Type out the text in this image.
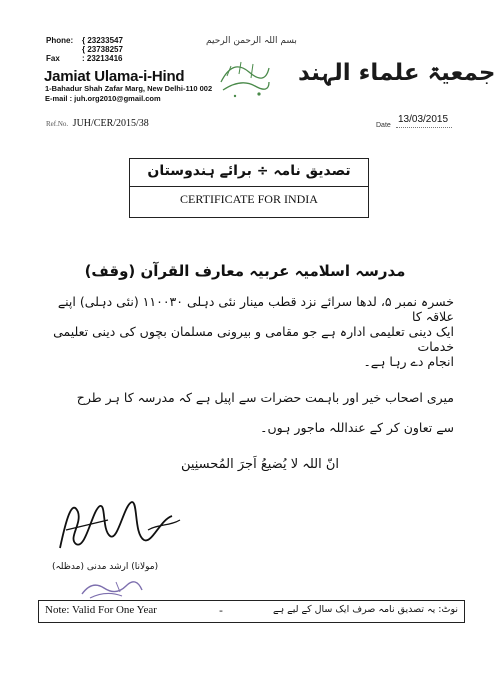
Phone:	{ 23233547
{ 23738257
Fax	: 23213416
Jamiat Ulama-i-Hind
1-Bahadur Shah Zafar Marg, New Delhi-110 002
E-mail : juh.org2010@gmail.com
بسم اللہ الرحمن الرحیم
جمعیۃ علماء الہند
Ref.No. JUH/CER/2015/38	Date
13/03/2015
تصدیق نامہ ÷ برائے ہندوستان
CERTIFICATE FOR INDIA
مدرسہ اسلامیہ عربیہ معارف القرآن (وقف)
خسرہ نمبر ۵، لدھا سرائے نزد قطب مینار نئی دہلی ۱۱۰۰۳۰ (نئی دہلی) اپنے علاقہ کا
ایک دینی تعلیمی ادارہ ہے جو مقامی و بیرونی مسلمان بچوں کی دینی تعلیمی خدمات
انجام دے رہا ہے۔
میری اصحاب خیر اور باہمت حضرات سے اپیل ہے کہ مدرسہ کا ہر طرح
سے تعاون کر کے عنداللہ ماجور ہوں۔
انّ اللہ لا یُضیعُ اَجرَ المُحسنِین
(مولانا) ارشد مدنی (مدظلہ)
Note: Valid For One Year	-	نوٹ: یہ تصدیق نامہ صرف ایک سال کے لیے ہے
